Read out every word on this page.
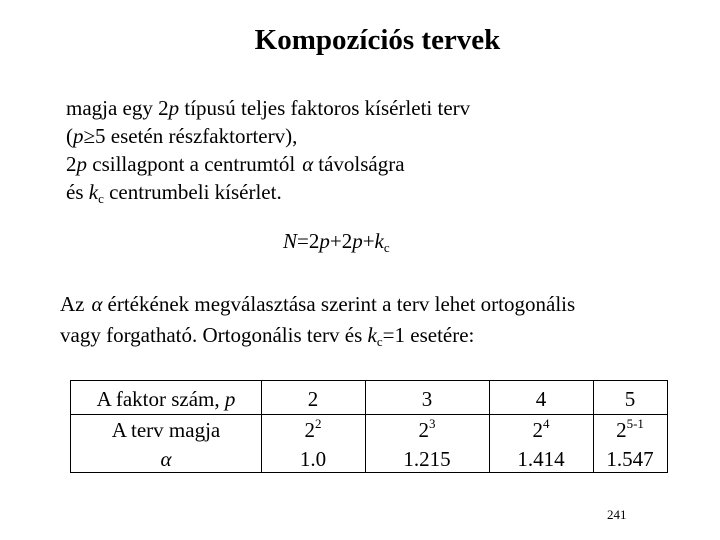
Kompozíciós tervek
magja egy 2p típusú teljes faktoros kísérleti terv
(p≥5 esetén részfaktorterv),
2p csillagpont a centrumtól α távolságra
és $k_c$ centrumbeli kísérlet.
$N=2p+2p+k_c$
Az α értékének megválasztása szerint a terv lehet ortogonális
vagy forgatható. Ortogonális terv és $k_c=1$ esetére:
A faktor szám, p	2	3	4	5
A terv magja	$2^2$	$2^3$	$2^4$	2$^{5-1}$
α	1.0	1.215	1.414	1.547
241
